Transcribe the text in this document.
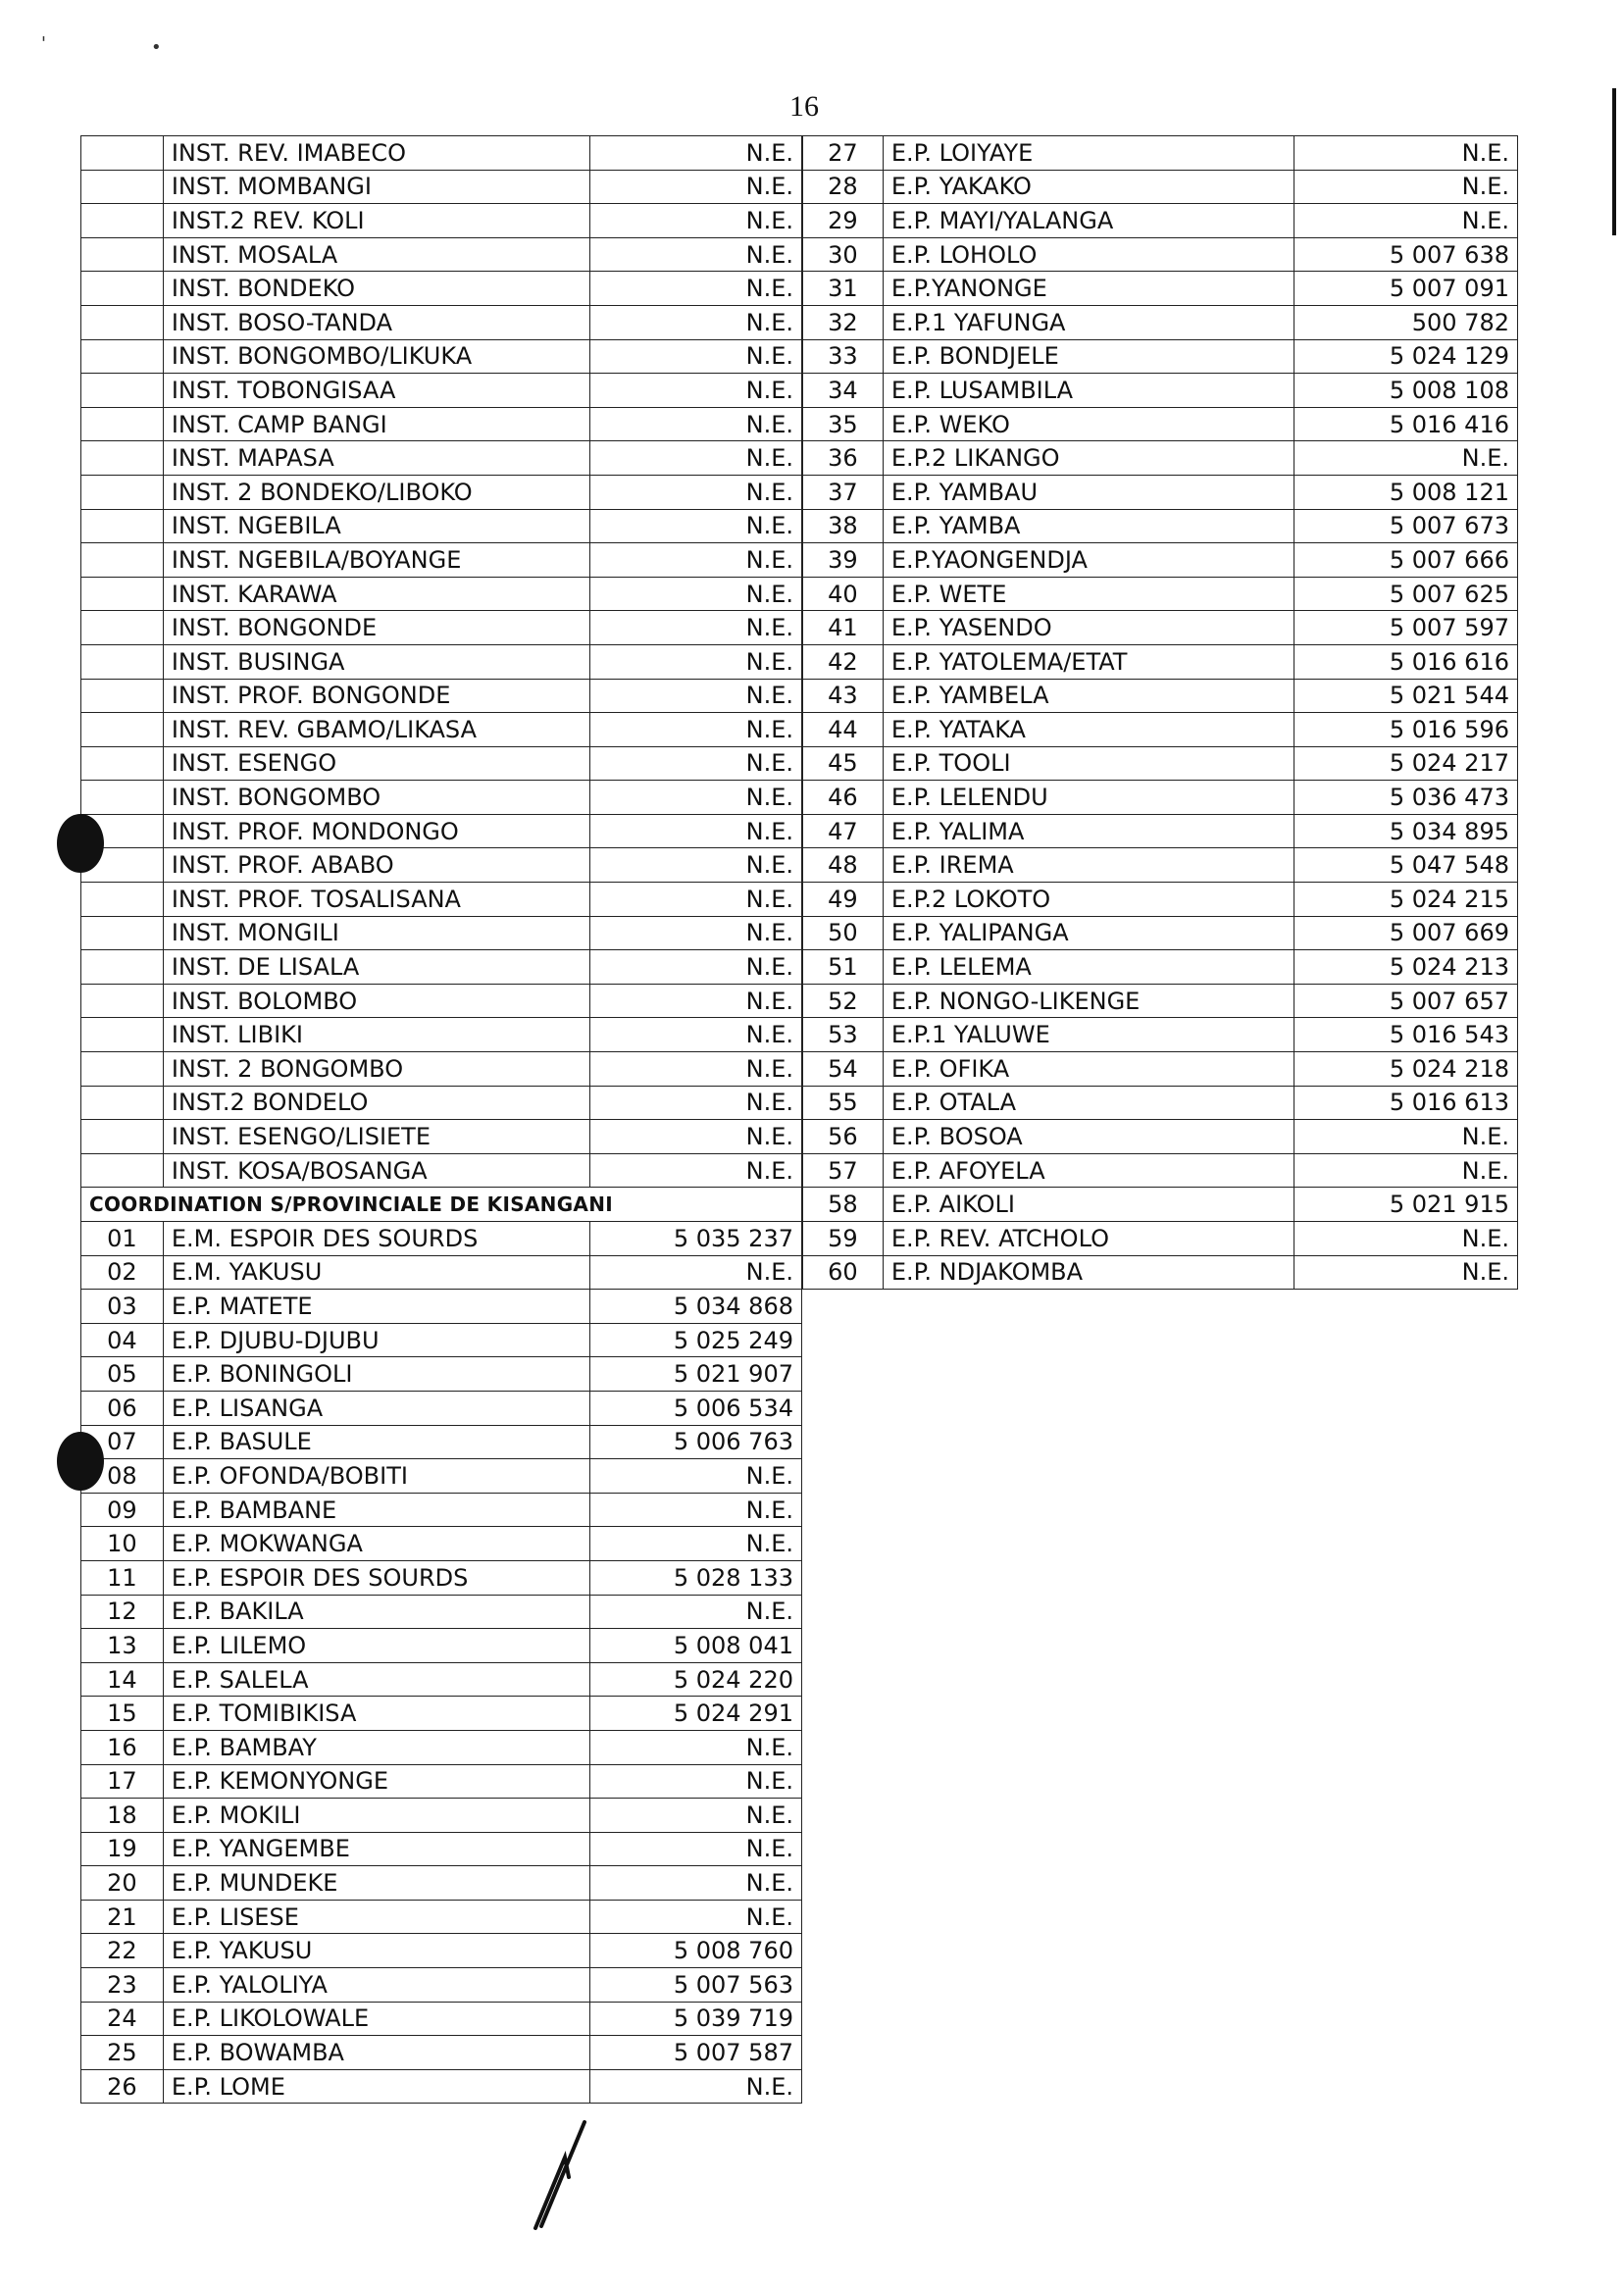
'	•
16
	INST. REV. IMABECO	N.E.
	INST. MOMBANGI	N.E.
	INST.2 REV. KOLI	N.E.
	INST. MOSALA	N.E.
	INST. BONDEKO	N.E.
	INST. BOSO-TANDA	N.E.
	INST. BONGOMBO/LIKUKA	N.E.
	INST. TOBONGISAA	N.E.
	INST. CAMP BANGI	N.E.
	INST. MAPASA	N.E.
	INST. 2 BONDEKO/LIBOKO	N.E.
	INST. NGEBILA	N.E.
	INST. NGEBILA/BOYANGE	N.E.
	INST. KARAWA	N.E.
	INST. BONGONDE	N.E.
	INST. BUSINGA	N.E.
	INST. PROF. BONGONDE	N.E.
	INST. REV. GBAMO/LIKASA	N.E.
	INST. ESENGO	N.E.
	INST. BONGOMBO	N.E.
	INST. PROF. MONDONGO	N.E.
	INST. PROF. ABABO	N.E.
	INST. PROF. TOSALISANA	N.E.
	INST. MONGILI	N.E.
	INST. DE LISALA	N.E.
	INST. BOLOMBO	N.E.
	INST. LIBIKI	N.E.
	INST. 2 BONGOMBO	N.E.
	INST.2 BONDELO	N.E.
	INST. ESENGO/LISIETE	N.E.
	INST. KOSA/BOSANGA	N.E.
COORDINATION S/PROVINCIALE DE KISANGANI		
01	E.M. ESPOIR DES SOURDS	5 035 237
02	E.M. YAKUSU	N.E.
03	E.P. MATETE	5 034 868
04	E.P. DJUBU-DJUBU	5 025 249
05	E.P. BONINGOLI	5 021 907
06	E.P. LISANGA	5 006 534
07	E.P. BASULE	5 006 763
08	E.P. OFONDA/BOBITI	N.E.
09	E.P. BAMBANE	N.E.
10	E.P. MOKWANGA	N.E.
11	E.P. ESPOIR DES SOURDS	5 028 133
12	E.P. BAKILA	N.E.
13	E.P. LILEMO	5 008 041
14	E.P. SALELA	5 024 220
15	E.P. TOMIBIKISA	5 024 291
16	E.P. BAMBAY	N.E.
17	E.P. KEMONYONGE	N.E.
18	E.P. MOKILI	N.E.
19	E.P. YANGEMBE	N.E.
20	E.P. MUNDEKE	N.E.
21	E.P. LISESE	N.E.
22	E.P. YAKUSU	5 008 760
23	E.P. YALOLIYA	5 007 563
24	E.P. LIKOLOWALE	5 039 719
25	E.P. BOWAMBA	5 007 587
26	E.P. LOME	N.E.
27	E.P. LOIYAYE	N.E.
28	E.P. YAKAKO	N.E.
29	E.P. MAYI/YALANGA	N.E.
30	E.P. LOHOLO	5 007 638
31	E.P.YANONGE	5 007 091
32	E.P.1 YAFUNGA	500 782
33	E.P. BONDJELE	5 024 129
34	E.P. LUSAMBILA	5 008 108
35	E.P. WEKO	5 016 416
36	E.P.2 LIKANGO	N.E.
37	E.P. YAMBAU	5 008 121
38	E.P. YAMBA	5 007 673
39	E.P.YAONGENDJA	5 007 666
40	E.P. WETE	5 007 625
41	E.P. YASENDO	5 007 597
42	E.P. YATOLEMA/ETAT	5 016 616
43	E.P. YAMBELA	5 021 544
44	E.P. YATAKA	5 016 596
45	E.P. TOOLI	5 024 217
46	E.P. LELENDU	5 036 473
47	E.P. YALIMA	5 034 895
48	E.P. IREMA	5 047 548
49	E.P.2 LOKOTO	5 024 215
50	E.P. YALIPANGA	5 007 669
51	E.P. LELEMA	5 024 213
52	E.P. NONGO-LIKENGE	5 007 657
53	E.P.1 YALUWE	5 016 543
54	E.P. OFIKA	5 024 218
55	E.P. OTALA	5 016 613
56	E.P. BOSOA	N.E.
57	E.P. AFOYELA	N.E.
58	E.P. AIKOLI	5 021 915
59	E.P. REV. ATCHOLO	N.E.
60	E.P. NDJAKOMBA	N.E.
